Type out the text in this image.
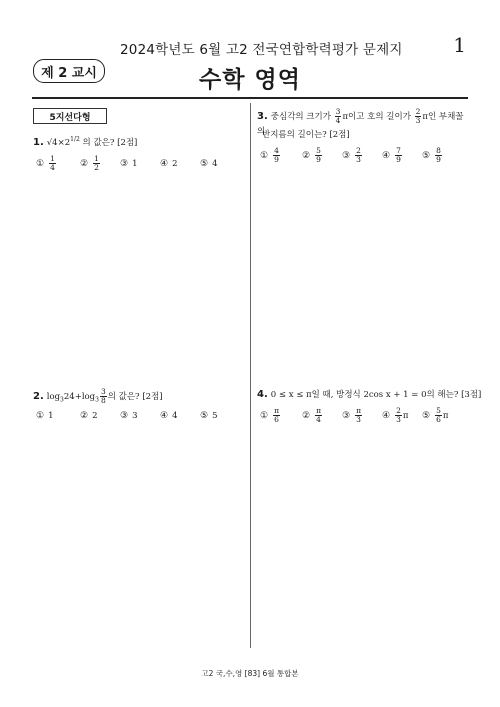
2024학년도 6월 고2 전국연합학력평가 문제지	1
제 2 교시	수학 영역
5지선다형
1. $√4\times 2^{1/2}$ 의 값은? [2점]
① $\frac{1}{4}$	② $\frac{1}{2}$ ③ 1	④ 2	⑤ 4
2. $\log_324+\log_3 \frac{3}{8}$ 의 값은? [2점]
① 1	② 2	③ 3	④ 4	⑤ 5
3. 중심각의 크기가 $\frac{3}{4}$ π이고 호의 길이가 $\frac{2}{3}$ π인 부채꼴의
반지름의 길이는? [2점]
① $\frac{4}{9}$ ② $\frac{5}{9}$ ③ $\frac{2}{3}$ ④ $\frac{7}{9}$ ⑤ $\frac{8}{9}$
4. 0 ≤ x ≤ π일 때, 방정식 2cos x + 1 = 0의 해는? [3점]
① $\frac{\pi}{6}$ ② $\frac{\pi}{4}$ ③ $\frac{\pi}{3}$ ④ $\frac{2}{3}$ π ⑤ $\frac{5}{6}$ π
고2 국,수,영 [83] 6월 통합본
